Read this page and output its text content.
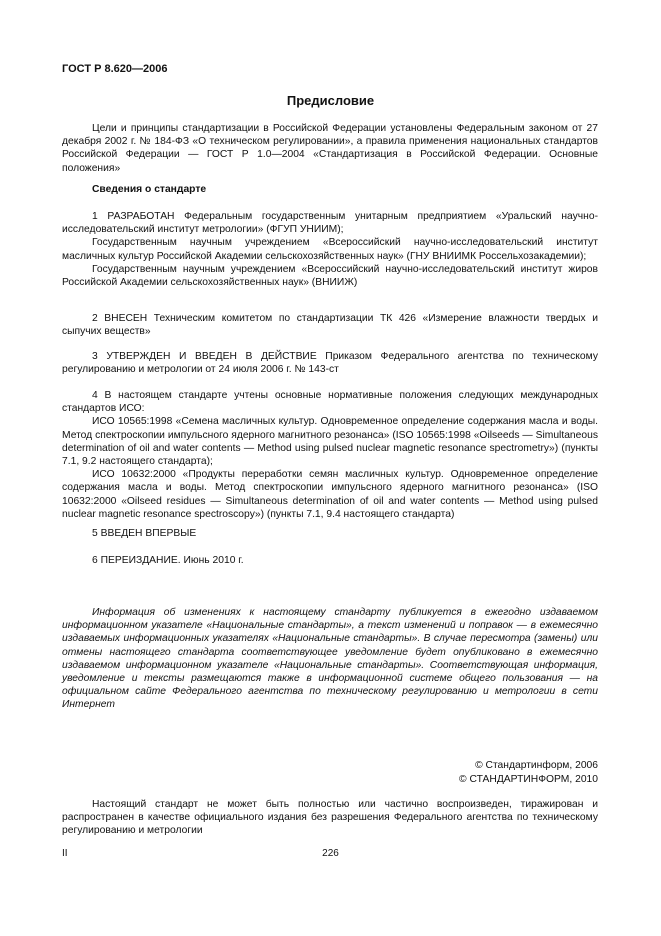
ГОСТ Р 8.620—2006
Предисловие

Цели и принципы стандартизации в Российской Федерации установлены Федеральным законом от 27 декабря 2002 г. № 184-ФЗ «О техническом регулировании», а правила применения национальных стандартов Российской Федерации — ГОСТ Р 1.0—2004 «Стандартизация в Российской Федерации. Основные положения»

Сведения о стандарте

1 РАЗРАБОТАН Федеральным государственным унитарным предприятием «Уральский научно-исследовательский институт метрологии» (ФГУП УНИИМ);

Государственным научным учреждением «Всероссийский научно-исследовательский институт масличных культур Российской Академии сельскохозяйственных наук» (ГНУ ВНИИМК Россельхозакадемии);

Государственным научным учреждением «Всероссийский научно-исследовательский институт жиров Российской Академии сельскохозяйственных наук» (ВНИИЖ)

2 ВНЕСЕН Техническим комитетом по стандартизации ТК 426 «Измерение влажности твердых и сыпучих веществ»

3 УТВЕРЖДЕН И ВВЕДЕН В ДЕЙСТВИЕ Приказом Федерального агентства по техническому регулированию и метрологии от 24 июля 2006 г. № 143-ст

4 В настоящем стандарте учтены основные нормативные положения следующих международных стандартов ИСО:

ИСО 10565:1998 «Семена масличных культур. Одновременное определение содержания масла и воды. Метод спектроскопии импульсного ядерного магнитного резонанса» (ISO 10565:1998 «Oilseeds — Simultaneous determination of oil and water contents — Method using pulsed nuclear magnetic resonance spectrometry») (пункты 7.1, 9.2 настоящего стандарта);

ИСО 10632:2000 «Продукты переработки семян масличных культур. Одновременное определение содержания масла и воды. Метод спектроскопии импульсного ядерного магнитного резонанса» (ISO 10632:2000 «Oilseed residues — Simultaneous determination of oil and water contents — Method using pulsed nuclear magnetic resonance spectroscopy») (пункты 7.1, 9.4 настоящего стандарта)

5 ВВЕДЕН ВПЕРВЫЕ

6 ПЕРЕИЗДАНИЕ. Июнь 2010 г.

Информация об изменениях к настоящему стандарту публикуется в ежегодно издаваемом информационном указателе «Национальные стандарты», а текст изменений и поправок — в ежемесячно издаваемых информационных указателях «Национальные стандарты». В случае пересмотра (замены) или отмены настоящего стандарта соответствующее уведомление будет опубликовано в ежемесячно издаваемом информационном указателе «Национальные стандарты». Соответствующая информация, уведомление и тексты размещаются также в информационной системе общего пользования — на официальном сайте Федерального агентства по техническому регулированию и метрологии в сети Интернет

© Стандартинформ, 2006
© СТАНДАРТИНФОРМ, 2010

Настоящий стандарт не может быть полностью или частично воспроизведен, тиражирован и распространен в качестве официального издания без разрешения Федерального агентства по техническому регулированию и метрологии

II	226
